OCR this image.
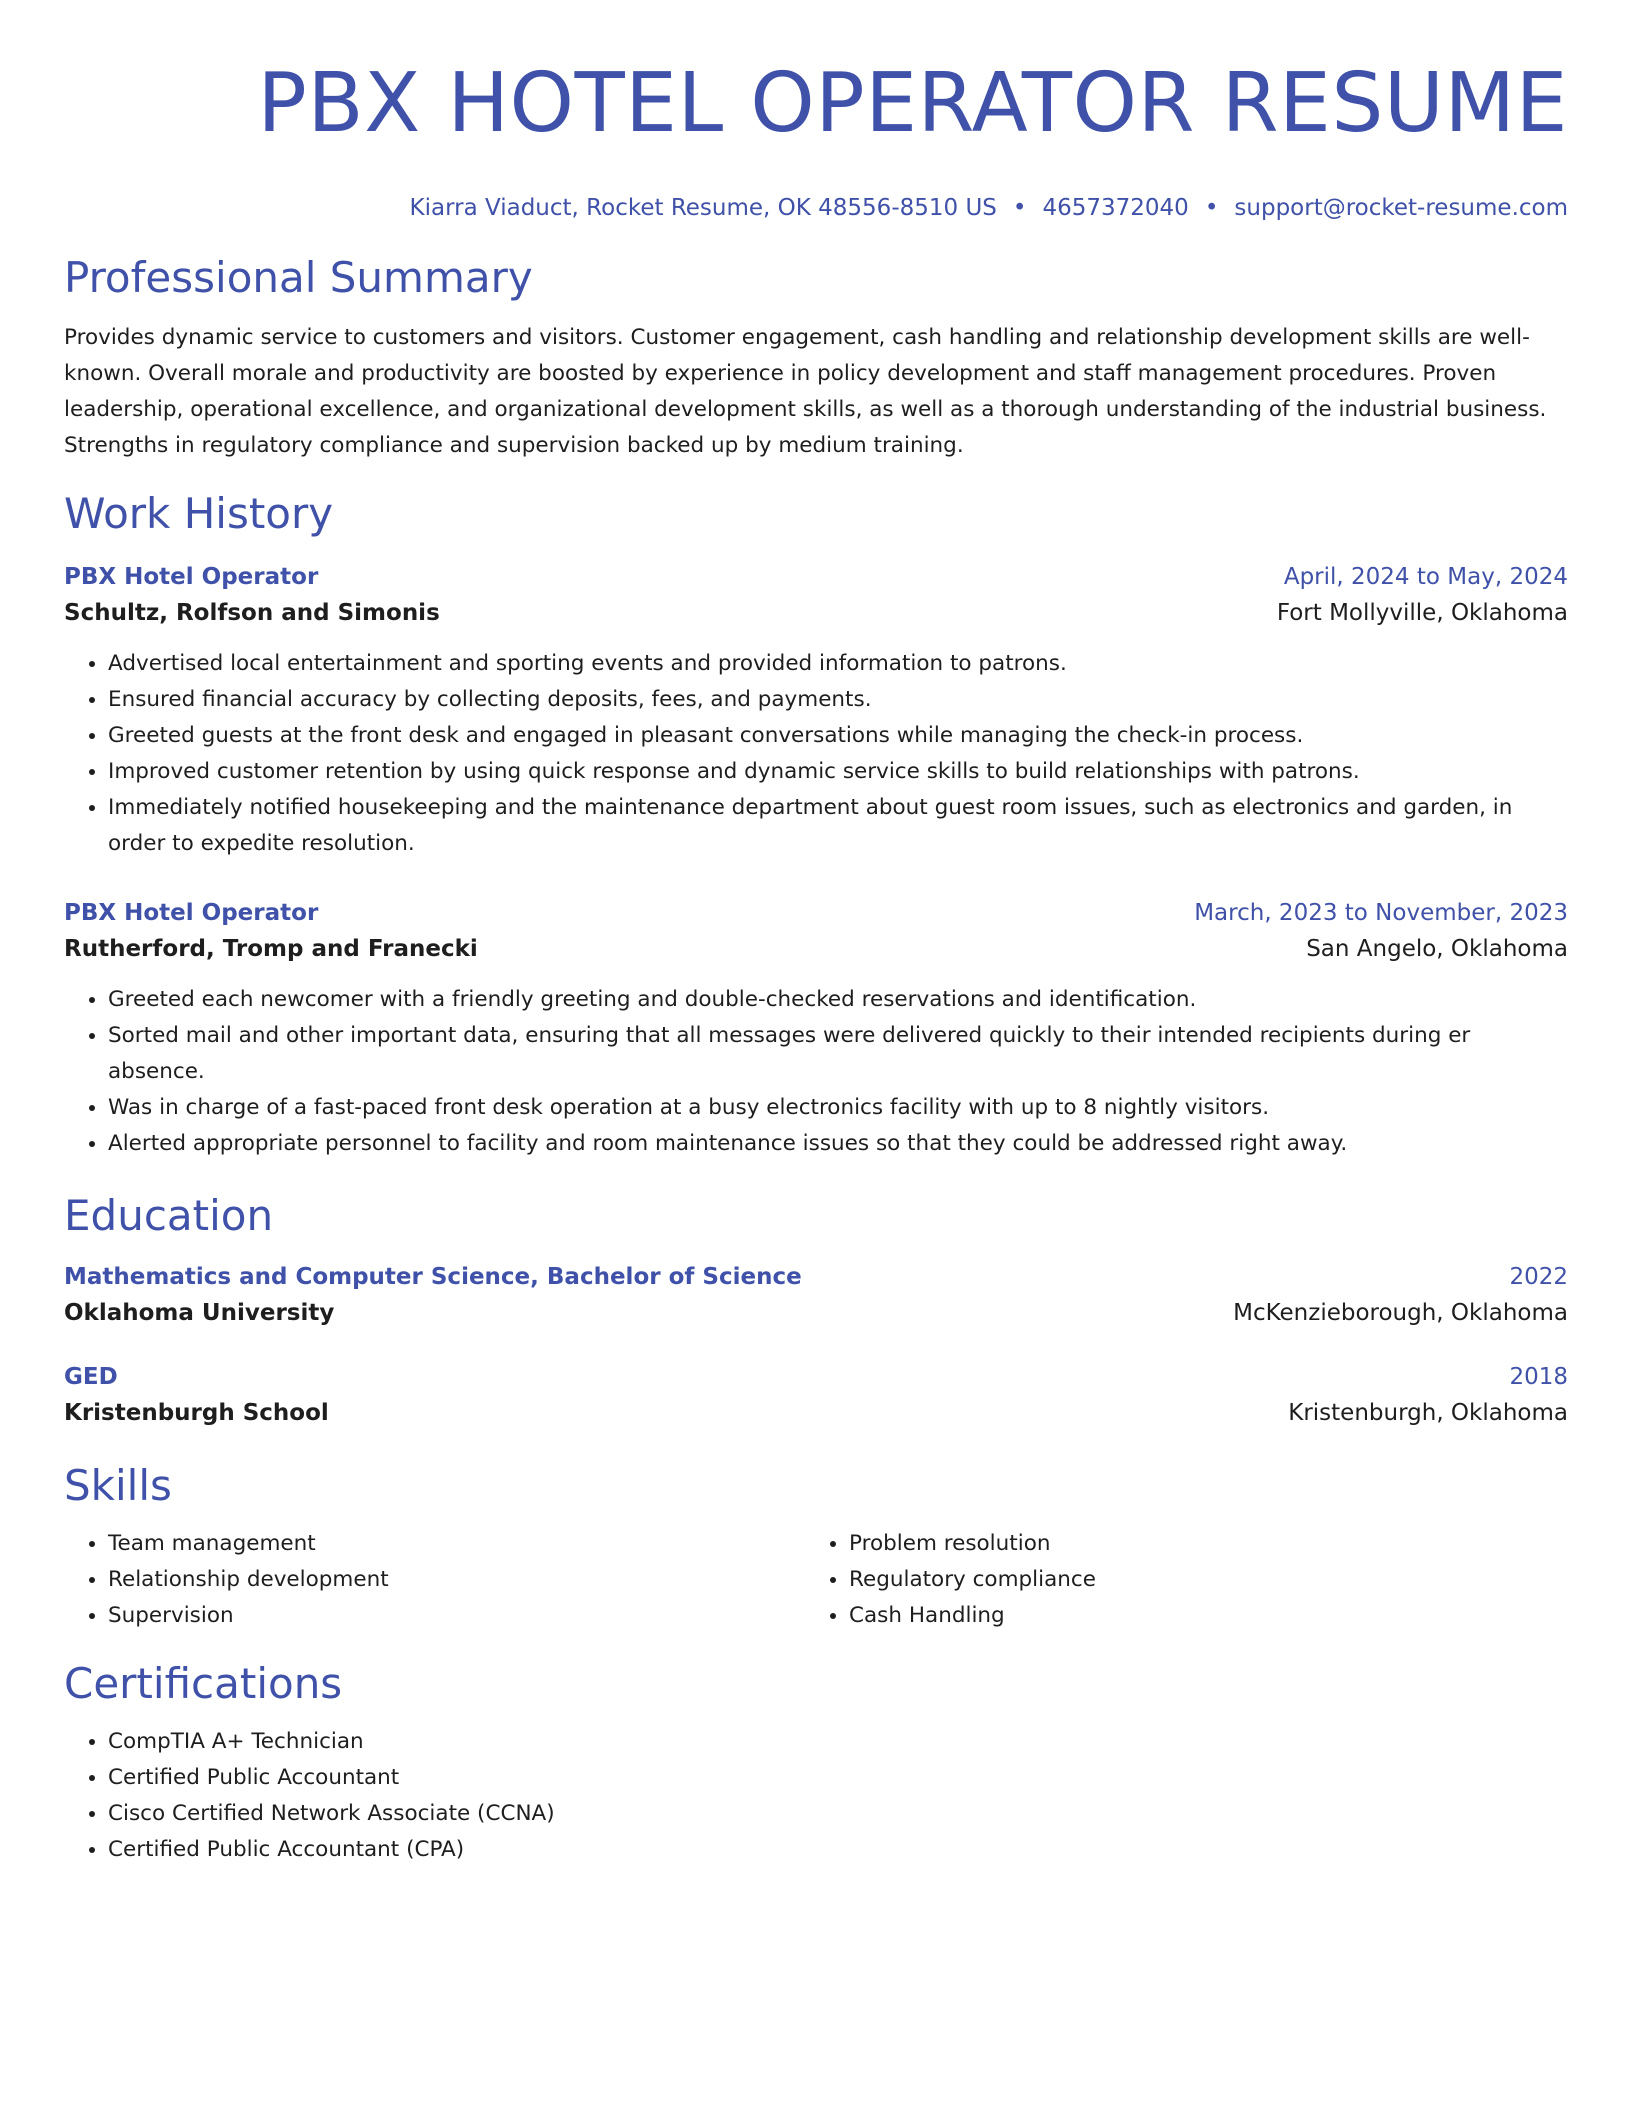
PBX HOTEL OPERATOR RESUME
Kiarra Viaduct, Rocket Resume, OK 48556-8510 US • 4657372040 • support@rocket-resume.com
Professional Summary

Provides dynamic service to customers and visitors. Customer engagement, cash handling and relationship development skills are well-known. Overall morale and productivity are boosted by experience in policy development and staff management procedures. Proven leadership, operational excellence, and organizational development skills, as well as a thorough understanding of the industrial business. Strengths in regulatory compliance and supervision backed up by medium training.

Work History
PBX Hotel Operator	April, 2024 to May, 2024
Schultz, Rolfson and Simonis	Fort Mollyville, Oklahoma
• Advertised local entertainment and sporting events and provided information to patrons.
• Ensured financial accuracy by collecting deposits, fees, and payments.
• Greeted guests at the front desk and engaged in pleasant conversations while managing the check-in process.
• Improved customer retention by using quick response and dynamic service skills to build relationships with patrons.
• Immediately notified housekeeping and the maintenance department about guest room issues, such as electronics and garden, in order to expedite resolution.
PBX Hotel Operator	March, 2023 to November, 2023
Rutherford, Tromp and Franecki	San Angelo, Oklahoma
• Greeted each newcomer with a friendly greeting and double-checked reservations and identification.
• Sorted mail and other important data, ensuring that all messages were delivered quickly to their intended recipients during er absence.
• Was in charge of a fast-paced front desk operation at a busy electronics facility with up to 8 nightly visitors.
• Alerted appropriate personnel to facility and room maintenance issues so that they could be addressed right away.
Education
Mathematics and Computer Science, Bachelor of Science	2022
Oklahoma University	McKenzieborough, Oklahoma
GED	2018
Kristenburgh School	Kristenburgh, Oklahoma
Skills
• Team management
• Relationship development
• Supervision
• Problem resolution
• Regulatory compliance
• Cash Handling
Certifications
• CompTIA A+ Technician
• Certified Public Accountant
• Cisco Certified Network Associate (CCNA)
• Certified Public Accountant (CPA)
